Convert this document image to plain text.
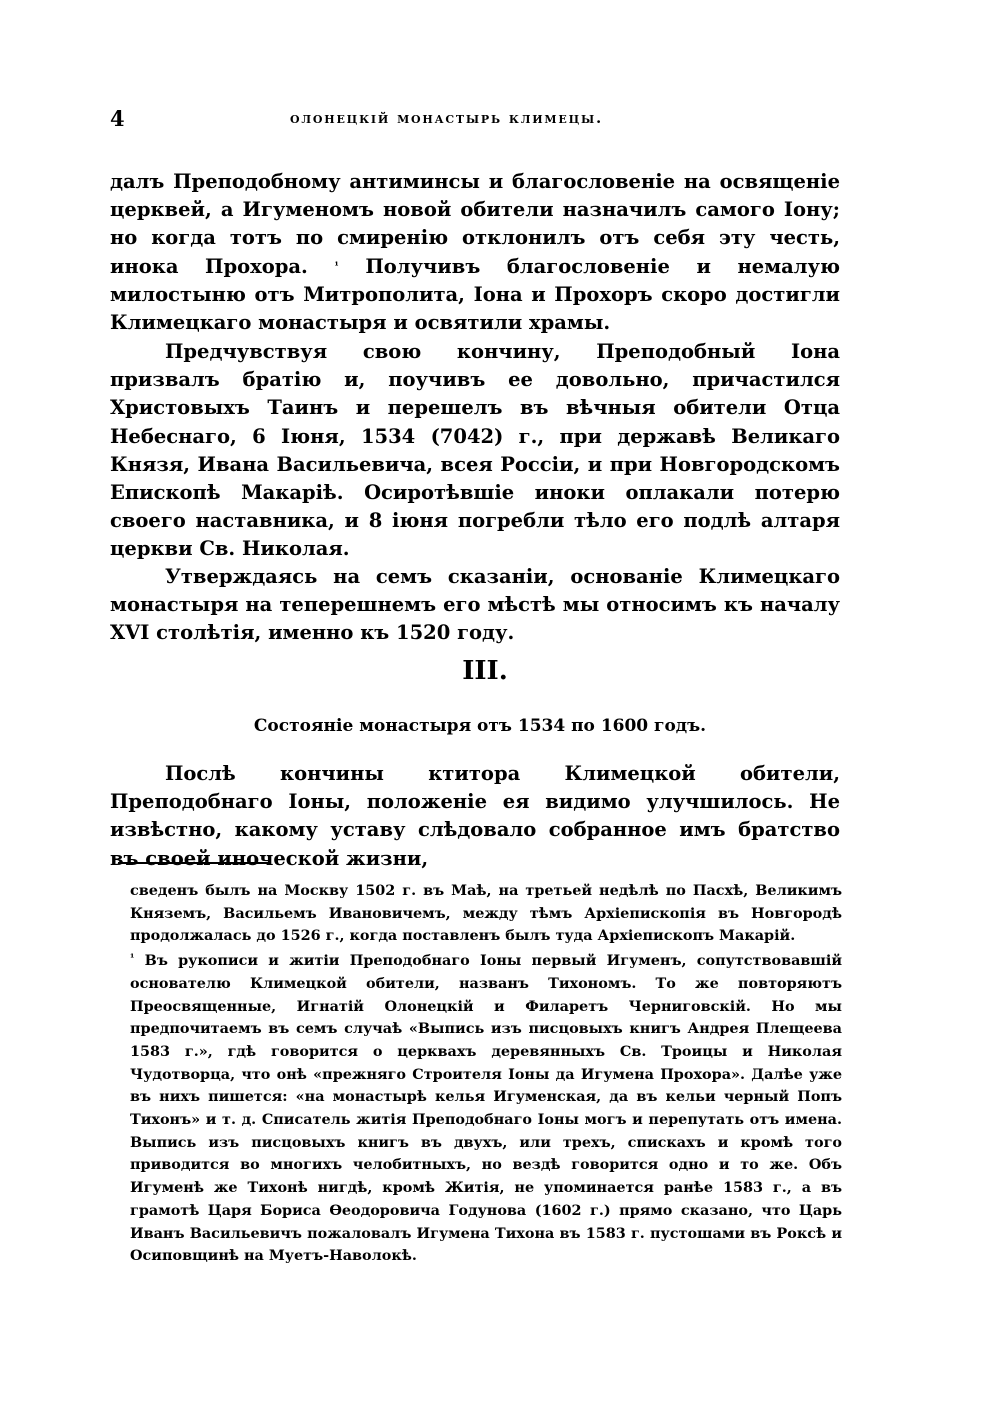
4	олонецкій монастырь климецы.

далъ Преподобному антиминсы и благословеніе на освященіе церквей, а Игуменомъ новой обители назначилъ самого Іону; но когда тотъ по смиренію отклонилъ отъ себя эту честь, инока Прохора.	$^{^1}$ Получивъ благословеніе и немалую милостыню отъ Митрополита, Іона и Прохоръ скоро достигли Климецкаго монастыря и освятили храмы.

Предчувствуя свою кончину, Преподобный Іона призвалъ братію и, поучивъ ее довольно, причастился Христовыхъ Таинъ и перешелъ въ вѣчныя обители Отца Небеснаго, 6 Іюня, 1534 (7042) г., при державѣ Великаго Князя, Ивана Васильевича, всея Россіи, и при Новгородскомъ Епископѣ Макаріѣ. Осиротѣвшіе иноки оплакали потерю своего наставника, и 8 іюня погребли тѣло его подлѣ алтаря церкви Св. Николая.

Утверждаясь на семъ сказаніи, основаніе Климецкаго монастыря на теперешнемъ его мѣстѣ мы относимъ къ началу XVI столѣтія, именно къ 1520 году.

III.
Состояніе монастыря отъ 1534 по 1600 годъ.

Послѣ кончины ктитора Климецкой обители, Преподобнаго Іоны, положеніе ея видимо улучшилось. Не извѣстно, какому уставу слѣдовало собранное имъ братство въ своей иноческой жизни,

сведенъ былъ на Москву 1502 г. въ Маѣ, на третьей недѣлѣ по Пасхѣ, Великимъ Княземъ, Васильемъ Ивановичемъ, между тѣмъ Архіепископія въ Новгородѣ продолжалась до 1526 г., когда поставленъ былъ туда Архіепископъ Макарій.

$^{^1}$ Въ рукописи и житіи Преподобнаго Іоны первый Игуменъ, сопутствовавшій основателю Климецкой обители, названъ Тихономъ. То же повторяютъ Преосвященные, Игнатій Олонецкій и Филаретъ Черниговскій. Но мы предпочитаемъ въ семъ случаѣ «Выпись изъ писцовыхъ книгъ Андрея Плещеева 1583 г.», гдѣ говорится о церквахъ деревянныхъ Св. Троицы и Николая Чудотворца, что онѣ «прежняго Строителя Іоны да Игумена Прохора». Далѣе уже въ нихъ пишется: «на монастырѣ келья Игуменская, да въ кельи черный Попъ Тихонъ» и т. д. Списатель житія Преподобнаго Іоны могъ и перепутать отъ имена. Выпись изъ писцовыхъ книгъ въ двухъ, или трехъ, спискахъ и кромѣ того приводится во многихъ челобитныхъ, но вездѣ говорится одно и то же. Объ Игуменѣ же Тихонѣ нигдѣ, кромѣ Житія, не упоминается ранѣе 1583 г., а въ грамотѣ Царя Бориса Ѳеодоровича Годунова (1602 г.) прямо сказано, что Царь Иванъ Васильевичъ пожаловалъ Игумена Тихона въ 1583 г. пустошами въ Роксѣ и Осиповщинѣ на Муетъ-Наволокѣ.
